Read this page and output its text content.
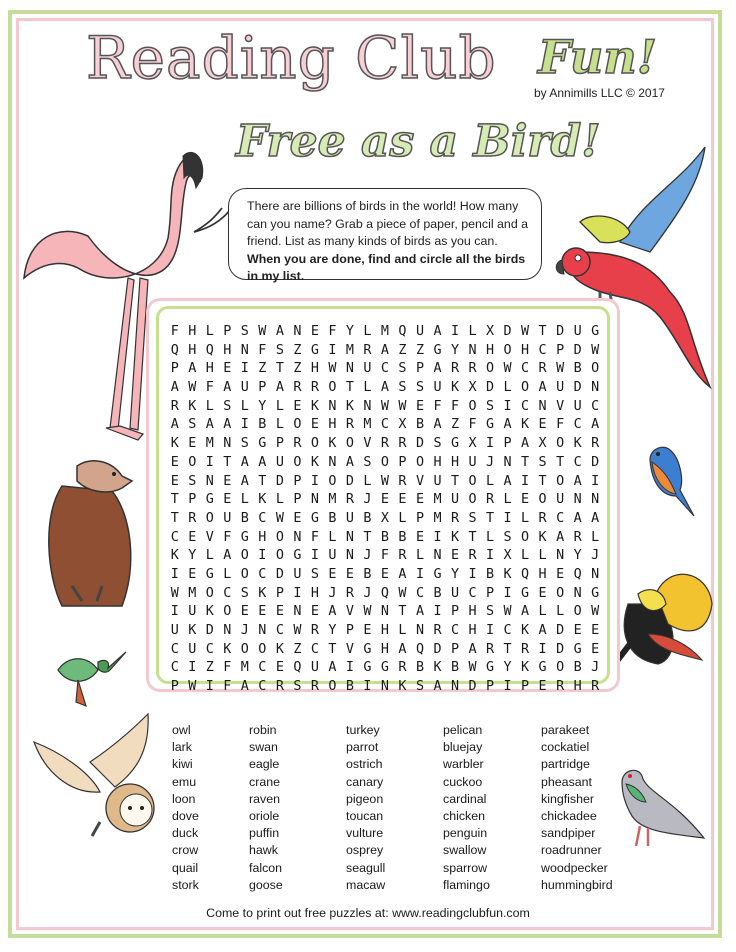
Reading Club Fun!
by Annimills LLC © 2017
Free as a Bird!
There are billions of birds in the world! How many can you name? Grab a piece of paper, pencil and a friend. List as many kinds of birds as you can. When you are done, find and circle all the birds in my list.
F H L P S W A N E F Y L M Q U A I L X D W T D U G
Q H Q H N F S Z G I M R A Z Z G Y N H O H C P D W
P A H E I Z T Z H W N U C S P A R R O W C R W B O
A W F A U P A R R O T L A S S U K X D L O A U D N
R K L S L Y L E K N K N W W E F F O S I C N V U C
A S A A I B L O E H R M C X B A Z F G A K E F C A
K E M N S G P R O K O V R R D S G X I P A X O K R
E O I T A A U O K N A S O P O H H U J N T S T C D
E S N E A T D P I O D L W R V U T O L A I T O A I
T P G E L K L P N M R J E E E M U O R L E O U N N
T R O U B C W E G B U B X L P M R S T I L R C A A
C E V F G H O N F L N T B B E I K T L S O K A R L
K Y L A O I O G I U N J F R L N E R I X L L N Y J
I E G L O C D U S E E B E A I G Y I B K Q H E Q N
W M O C S K P I H J R J Q W C B U C P I G E O N G
I U K O E E E N E A V W N T A I P H S W A L L O W
U K D N J N C W R Y P E H L N R C H I C K A D E E
C U C K O O K Z C T V G H A Q D P A R T R I D G E
C I Z F M C E Q U A I G G R B K B W G Y K G O B J
P W I F A C R S R O B I N K S A N D P I P E R H R
owl
lark
kiwi
emu
loon
dove
duck
crow
quail
stork
robin
swan
eagle
crane
raven
oriole
puffin
hawk
falcon
goose
turkey
parrot
ostrich
canary
pigeon
toucan
vulture
osprey
seagull
macaw
pelican
bluejay
warbler
cuckoo
cardinal
chicken
penguin
swallow
sparrow
flamingo
parakeet
cockatiel
partridge
pheasant
kingfisher
chickadee
sandpiper
roadrunner
woodpecker
hummingbird
Come to print out free puzzles at: www.readingclubfun.com
